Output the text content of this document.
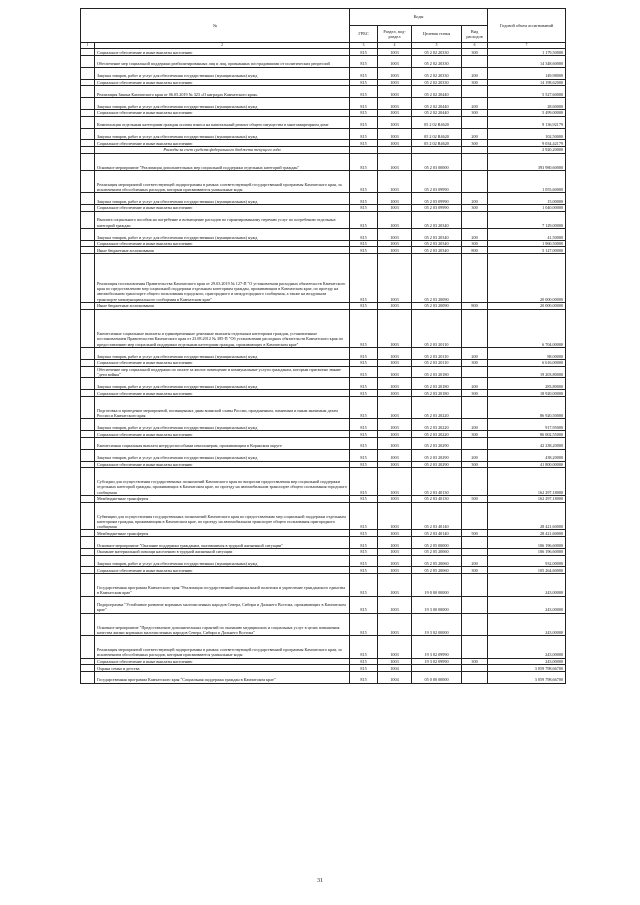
№		Коды				Годовой объем ассигнований
		ГРБС	Раздел, под-раздел	Целевая статья	Вид расходов	
1	2	3	4	5	6	7
	Социальное обеспечение и иные выплаты населению	815	1003	05 2 02 20330	300	1 179,50000
	Обеспечение мер социальной поддержки реабилитированных лиц и лиц, признанных пострадавшими от политических репрессий	815	1003	05 2 02 20330		14 348,60000
	Закупка товаров, работ и услуг для обеспечения государственных (муниципальных) нужд	815	1003	05 2 02 20330	200	149,98000
	Социальное обеспечение и иные выплаты населению	815	1003	05 2 02 20330	300	14 198,62000
	Реализация Закона Камчатского края от 06.05.2019 № 323 «О наградах Камчатского края»	815	1003	05 2 02 20440		5 527,60000
	Закупка товаров, работ и услуг для обеспечения государственных (муниципальных) нужд	815	1003	05 2 02 20440	200	28,60000
	Социальное обеспечение и иные выплаты населению	815	1003	05 2 02 20440	300	5 499,00000
	Компенсация отдельным категориям граждан оплаты взноса на капитальный ремонт общего имущества в многоквартирном доме	815	1003	05 2 02 R4620		9 136,92179
	Закупка товаров, работ и услуг для обеспечения государственных (муниципальных) нужд	815	1003	05 2 02 R4620	200	102,50000
	Социальное обеспечение и иные выплаты населению	815	1003	05 2 02 R4620	300	9 034,42179
	Расходы за счет средств федерального бюджета текущего года					2 920,20000
	Основное мероприятие "Реализация дополнительных мер социальной поддержки отдельных категорий граждан"	815	1003	05 2 03 00000		393 980,60000
	Реализация мероприятий соответствующей подпрограммы в рамках соответствующей государственной программы Камчатского края, за исключением обособленных расходов, которым присваиваются уникальные коды	815	1003	05 2 03 09990		1 055,60000
	Закупка товаров, работ и услуг для обеспечения государственных (муниципальных) нужд	815	1003	05 2 03 09990	200	15,00000
	Социальное обеспечение и иные выплаты населению	815	1003	05 2 03 09990	300	1 040,00000
	Выплата социального пособия на погребение и возмещение расходов по гарантированному перечню услуг по погребению отдельных категорий граждан	815	1003	05 2 03 20340		7 129,00000
	Закупка товаров, работ и услуг для обеспечения государственных (муниципальных) нужд	815	1003	05 2 03 20340	200	41,50000
	Социальное обеспечение и иные выплаты населению	815	1003	05 2 03 20340	300	1 960,50000
	Иные бюджетные ассигнования	815	1003	05 2 03 20340	800	5 127,00000
	Реализация постановления Правительства Камчатского края от 29.03.2019 № 127-П "О установлении расходных обязательств Камчатского края по предоставлению мер социальной поддержки отдельным категориям граждан, проживающим в Камчатском крае, по проезду на автомобильном транспорте общего пользования городского, пригородного и междугородного сообщения, а также на воздушном транспорте межмуниципального сообщения в Камчатском крае"	815	1003	05 2 03 20090		20 000,00000
	Иные бюджетные ассигнования	815	1003	05 2 03 20090	800	20 000,00000
	Ежемесячные социальные выплаты и единовременные денежные выплаты отдельным категориям граждан, установленные постановлением Правительства Камчатского края от 23.08.2012 № 385-П "Об установлении расходных обязательств Камчатского края по предоставлению мер социальной поддержки отдельным категориям граждан, проживающих в Камчатском крае"	815	1003	05 2 03 20110		6 704,00000
	Закупка товаров, работ и услуг для обеспечения государственных (муниципальных) нужд	815	1003	05 2 03 20110	200	88,00000
	Социальное обеспечение и иные выплаты населению	815	1003	05 2 03 20110	300	6 616,00000
	Обеспечение мер социальной поддержки по оплате за жилое помещение и коммунальные услуги гражданам, которым присвоено звание "дети войны"	815	1003	05 2 03 20180		19 203,80000
	Закупка товаров, работ и услуг для обеспечения государственных (муниципальных) нужд	815	1003	05 2 03 20180	200	283,80000
	Социальное обеспечение и иные выплаты населению	815	1003	05 2 03 20180	300	18 920,00000
	Подготовка и проведение мероприятий, посвященных дням воинской славы России, праздничным, памятным и иным значимым датам России и Камчатского края	815	1003	05 2 03 20220		86 920,50000
	Закупка товаров, работ и услуг для обеспечения государственных (муниципальных) нужд	815	1003	05 2 03 20220	200	917,95000
	Социальное обеспечение и иные выплаты населению	815	1003	05 2 03 20220	300	86 002,55000
	Ежемесячная социальная выплата нетрудоспособным пенсионерам, проживающим в Корякском округе	815	1003	05 2 03 20290		42 238,20000
	Закупка товаров, работ и услуг для обеспечения государственных (муниципальных) нужд	815	1003	05 2 03 20290	200	438,20000
	Социальное обеспечение и иные выплаты населению	815	1003	05 2 03 20290	300	41 800,00000
	Субсидии для осуществления государственных полномочий Камчатского края по вопросам предоставления мер социальной поддержки отдельных категорий граждан, проживающих в Камчатском крае, по проезду на автомобильном транспорте общего пользования городского сообщения	815	1003	05 2 03 40130		162 297,18000
	Межбюджетные трансферты	815	1003	05 2 03 40130	500	162 297,18000
	Субвенции для осуществления государственных полномочий Камчатского края по предоставлению мер социальной поддержки отдельным категориям граждан, проживающим в Камчатском крае, по проезду на автомобильном транспорте общего пользования пригородного сообщения	815	1003	05 2 03 40140		28 421,60000
	Межбюджетные трансферты	815	1003	05 2 03 40140	500	28 421,60000
	Основное мероприятие "Оказание поддержки гражданам, оказавшимся в трудной жизненной ситуации"	815	1003	05 2 05 00000		106 196,60000
	Оказание материальной помощи населению в трудной жизненной ситуации	815	1003	05 2 05 20060		106 196,60000
	Закупка товаров, работ и услуг для обеспечения государственных (муниципальных) нужд	815	1003	05 2 05 20060	200	932,00000
	Социальное обеспечение и иные выплаты населению	815	1003	05 2 05 20060	300	105 264,60000
	Государственная программа Камчатского края "Реализация государственной национальной политики и укрепление гражданского единства в Камчатском крае"	815	1003	19 0 00 00000		243,00000
	Подпрограмма "Устойчивое развитие коренных малочисленных народов Севера, Сибири и Дальнего Востока, проживающих в Камчатском крае"	815	1003	19 3 00 00000		243,00000
	Основное мероприятие "Предоставление дополнительных гарантий по оказанию медицинских и социальных услуг в целях повышения качества жизни коренных малочисленных народов Севера, Сибири и Дальнего Востока"	815	1003	19 3 02 00000		243,00000
	Реализация мероприятий соответствующей подпрограммы в рамках соответствующей государственной программы Камчатского края, за исключением обособленных расходов, которым присваиваются уникальные коды	815	1003	19 3 02 09990		243,00000
	Социальное обеспечение и иные выплаты населению	815	1003	19 3 02 09990	300	243,00000
	Охрана семьи и детства	815	1004			3 059 798,66700
	Государственная программа Камчатского края "Социальная поддержка граждан в Камчатском крае"	815	1004	05 0 00 00000		3 059 798,66700
31
